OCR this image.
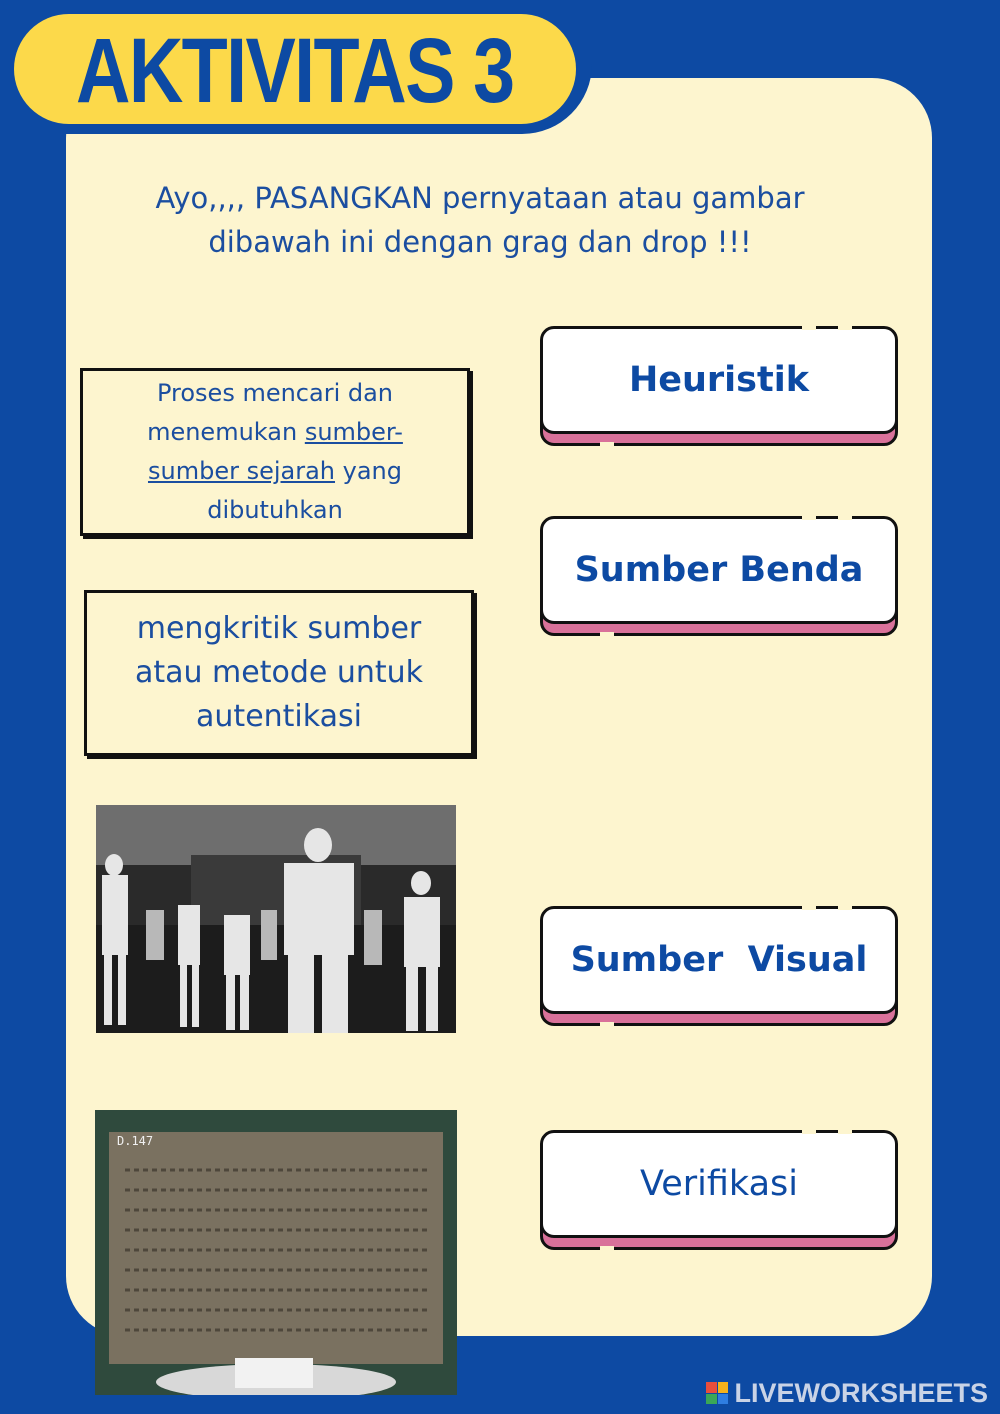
AKTIVITAS 3
Ayo,,,, PASANGKAN pernyataan atau gambar
dibawah ini dengan grag dan drop !!!
Proses mencari dan menemukan sumber-sumber sejarah yang dibutuhkan
mengkritik sumber atau metode untuk autentikasi
D.147
Heuristik
Sumber Benda
Sumber  Visual
Verifikasi
LIVEWORKSHEETS
